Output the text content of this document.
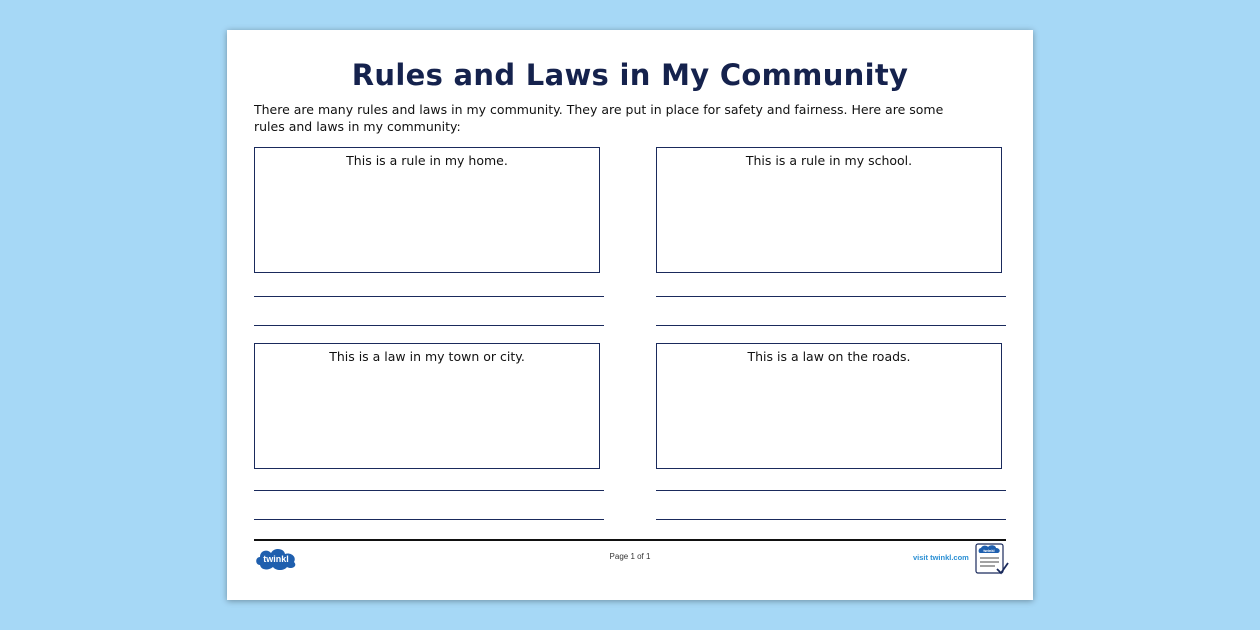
Rules and Laws in My Community
There are many rules and laws in my community. They are put in place for safety and fairness. Here are some rules and laws in my community:
This is a rule in my home.	This is a rule in my school.
This is a law in my town or city.	This is a law on the roads.
twinkl	Page 1 of 1	visit twinkl.com
twinkl
